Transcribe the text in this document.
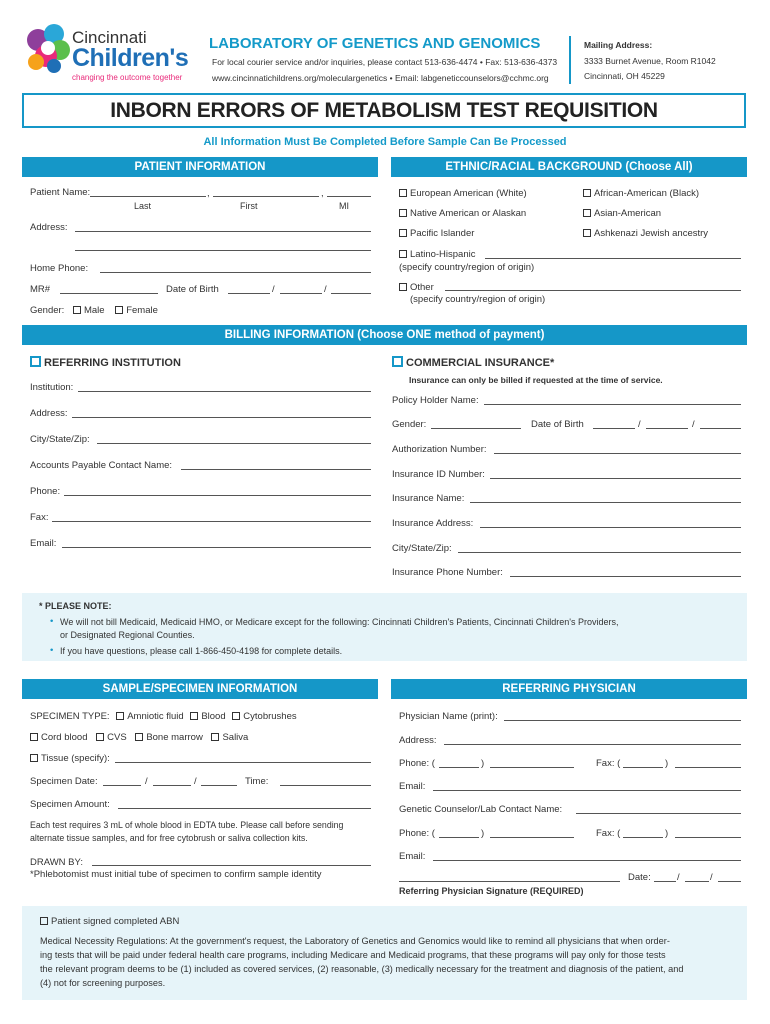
Cincinnati
Children's
changing the outcome together
LABORATORY OF GENETICS AND GENOMICS
For local courier service and/or inquiries, please contact 513-636-4474 • Fax: 513-636-4373
www.cincinnatichildrens.org/moleculargenetics • Email: labgeneticcounselors@cchmc.org
Mailing Address:
3333 Burnet Avenue, Room R1042
Cincinnati, OH 45229
INBORN ERRORS OF METABOLISM TEST REQUISITION
All Information Must Be Completed Before Sample Can Be Processed
PATIENT INFORMATION
Patient Name:	,	,
Last	First	MI
Address:
Home Phone:
MR#	Date of Birth	/	/
Gender: Male Female
ETHNIC/RACIAL BACKGROUND (Choose All)
European American (White)	African-American (Black)
Native American or Alaskan	Asian-American
Pacific Islander	Ashkenazi Jewish ancestry
Latino-Hispanic
(specify country/region of origin)
Other
(specify country/region of origin)
BILLING INFORMATION (Choose ONE method of payment)
REFERRING INSTITUTION
Institution:
Address:
City/State/Zip:
Accounts Payable Contact Name:
Phone:
Fax:
Email:
COMMERCIAL INSURANCE*
Insurance can only be billed if requested at the time of service.
Policy Holder Name:
Gender:	Date of Birth	/	/
Authorization Number:
Insurance ID Number:
Insurance Name:
Insurance Address:
City/State/Zip:
Insurance Phone Number:
* PLEASE NOTE:
• We will not bill Medicaid, Medicaid HMO, or Medicare except for the following: Cincinnati Children's Patients, Cincinnati Children's Providers,
or Designated Regional Counties.
• If you have questions, please call 1-866-450-4198 for complete details.
SAMPLE/SPECIMEN INFORMATION
SPECIMEN TYPE: Amniotic fluid Blood Cytobrushes
Cord blood CVS Bone marrow Saliva
Tissue (specify):
Specimen Date:	/	/	Time:
Specimen Amount:
Each test requires 3 mL of whole blood in EDTA tube. Please call before sending
alternate tissue samples, and for free cytobrush or saliva collection kits.
DRAWN BY:
*Phlebotomist must initial tube of specimen to confirm sample identity
REFERRING PHYSICIAN
Physician Name (print):
Address:
Phone: (	)	Fax: (	)
Email:
Genetic Counselor/Lab Contact Name:
Phone: (	)	Fax: (	)
Email:
Date:	/	/
Referring Physician Signature (REQUIRED)
Patient signed completed ABN
Medical Necessity Regulations: At the government's request, the Laboratory of Genetics and Genomics would like to remind all physicians that when order-
ing tests that will be paid under federal health care programs, including Medicare and Medicaid programs, that these programs will pay only for those tests
the relevant program deems to be (1) included as covered services, (2) reasonable, (3) medically necessary for the treatment and diagnosis of the patient, and
(4) not for screening purposes.
